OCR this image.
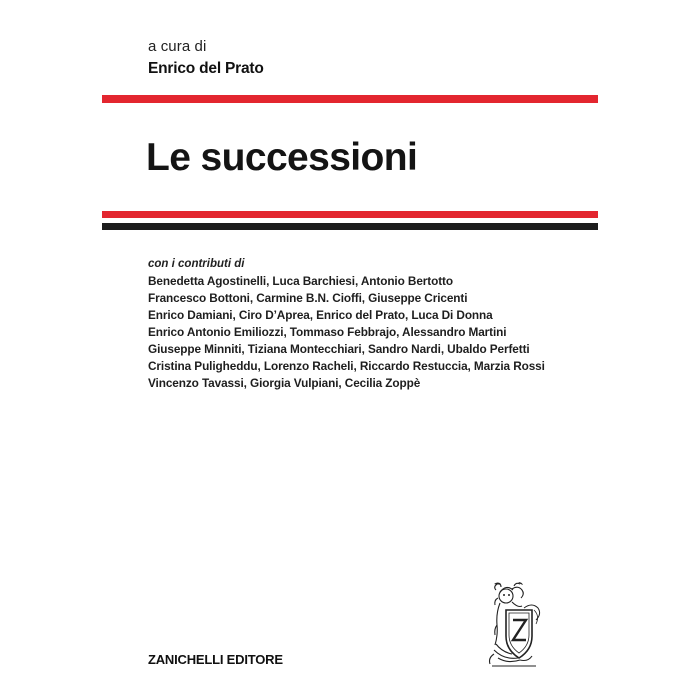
a cura di
Enrico del Prato
Le successioni
con i contributi di
Benedetta Agostinelli, Luca Barchiesi, Antonio Bertotto
Francesco Bottoni, Carmine B.N. Cioffi, Giuseppe Cricenti
Enrico Damiani, Ciro D’Aprea, Enrico del Prato, Luca Di Donna
Enrico Antonio Emiliozzi, Tommaso Febbrajo, Alessandro Martini
Giuseppe Minniti, Tiziana Montecchiari, Sandro Nardi, Ubaldo Perfetti
Cristina Puligheddu, Lorenzo Racheli, Riccardo Restuccia, Marzia Rossi
Vincenzo Tavassi, Giorgia Vulpiani, Cecilia Zoppè
ZANICHELLI EDITORE
